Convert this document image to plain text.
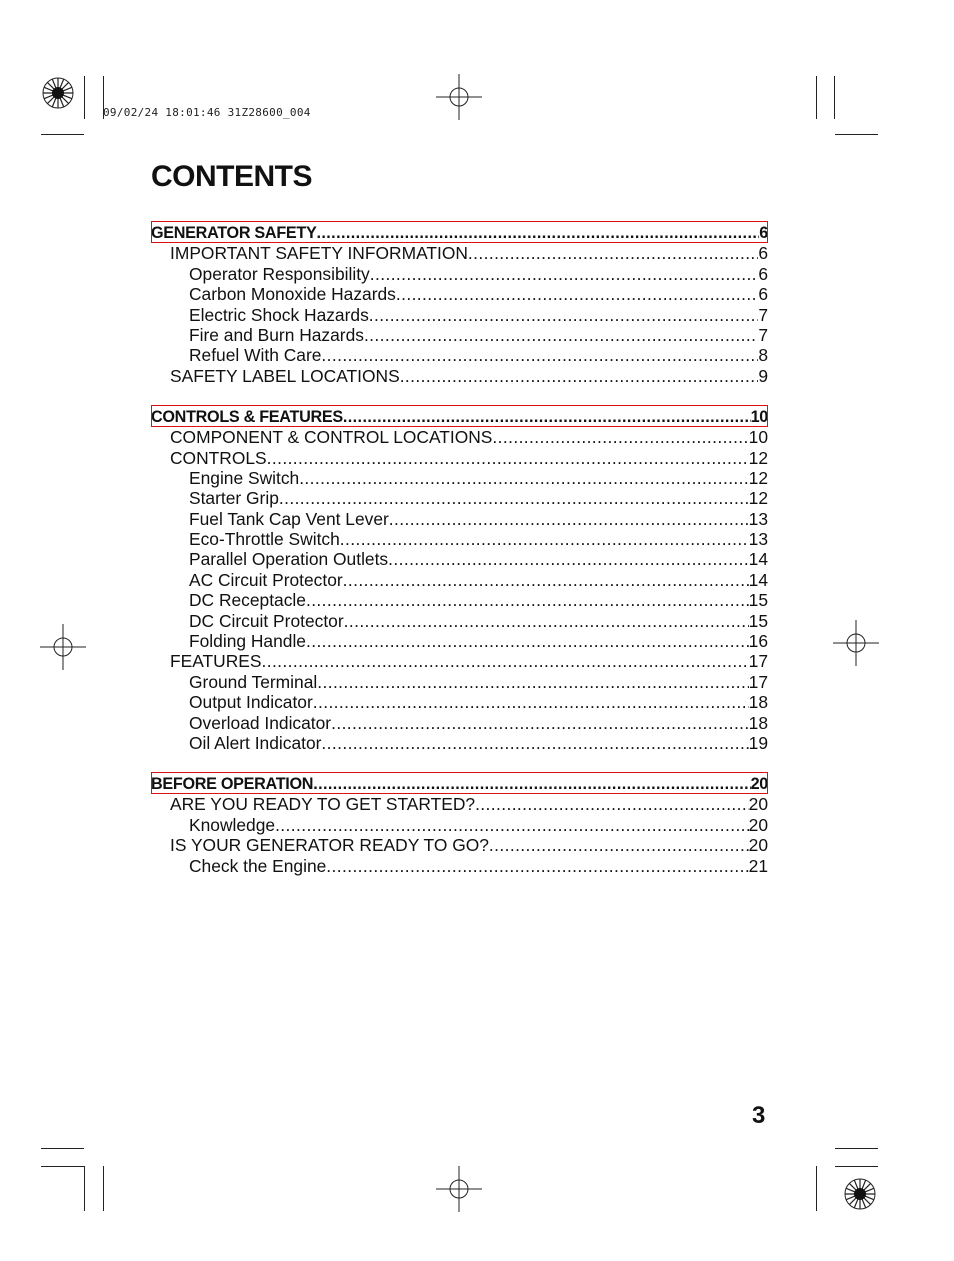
09/02/24 18:01:46 31Z28600_004
CONTENTS
GENERATOR SAFETY .....	6
IMPORTANT SAFETY INFORMATION .....	6
Operator Responsibility .....	6
Carbon Monoxide Hazards .....	6
Electric Shock Hazards .....	7
Fire and Burn Hazards .....	7
Refuel With Care .....	8
SAFETY LABEL LOCATIONS .....	9
CONTROLS & FEATURES .....	10
COMPONENT & CONTROL LOCATIONS .....	10
CONTROLS .....	12
Engine Switch .....	12
Starter Grip .....	12
Fuel Tank Cap Vent Lever .....	13
Eco-Throttle Switch .....	13
Parallel Operation Outlets .....	14
AC Circuit Protector .....	14
DC Receptacle .....	15
DC Circuit Protector .....	15
Folding Handle .....	16
FEATURES .....	17
Ground Terminal .....	17
Output Indicator .....	18
Overload Indicator .....	18
Oil Alert Indicator .....	19
BEFORE OPERATION .....	20
ARE YOU READY TO GET STARTED? .....	20
Knowledge .....	20
IS YOUR GENERATOR READY TO GO? .....	20
Check the Engine .....	21
3
